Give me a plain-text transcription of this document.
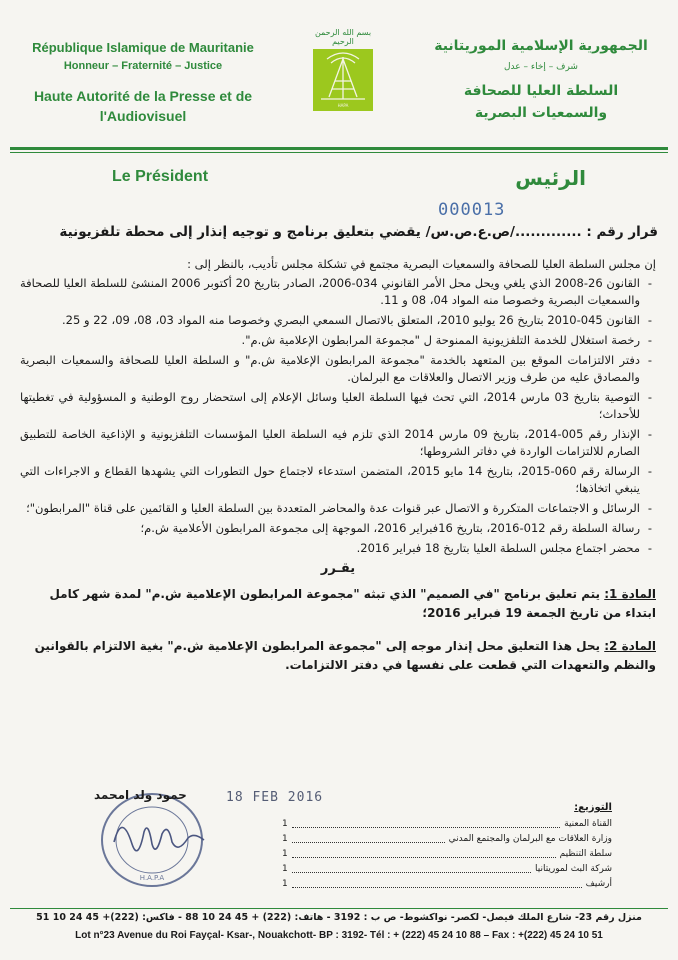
République Islamique de Mauritanie
Honneur – Fraternité – Justice
Haute Autorité de la Presse et de l'Audiovisuel
بسم الله الرحمن الرحيم
HAPA
الجمهورية الإسلامية الموريتانية
شرف – إخاء – عدل
السلطة العليا للصحافة والسمعيات البصرية
Le Président	الرئيس
000013
قرار رقم : ............./ص.ع.ص.س/ يقضي بتعليق برنامج و توجيه إنذار إلى محطة تلفزيونية
إن مجلس السلطة العليا للصحافة والسمعيات البصرية مجتمع في تشكلة مجلس تأديب، بالنظر إلى :
- القانون 26-2008 الذي يلغي ويحل محل الأمر القانوني 034-2006، الصادر بتاريخ 20 أكتوبر 2006 المنشئ للسلطة العليا للصحافة والسمعيات البصرية وخصوصا منه المواد 04، 08 و 11.
- القانون 045-2010 بتاريخ 26 يوليو 2010، المتعلق بالاتصال السمعي البصري وخصوصا منه المواد 03، 08، 09، 22 و 25.
- رخصة استغلال للخدمة التلفزيونية الممنوحة ل "مجموعة المرابطون الإعلامية ش.م".
- دفتر الالتزامات الموقع بين المتعهد بالخدمة "مجموعة المرابطون الإعلامية ش.م" و السلطة العليا للصحافة والسمعيات البصرية والمصادق عليه من طرف وزير الاتصال والعلاقات مع البرلمان.
- التوصية بتاريخ 03 مارس 2014، التي تحث فيها السلطة العليا وسائل الإعلام إلى استحضار روح الوطنية و المسؤولية في تغطيتها للأحداث؛
- الإنذار رقم 005-2014، بتاريخ 09 مارس 2014 الذي تلزم فيه السلطة العليا المؤسسات التلفزيونية و الإذاعية الخاصة للتطبيق الصارم للالتزامات الواردة في دفاتر الشروطها؛
- الرسالة رقم 060-2015، بتاريخ 14 مايو 2015، المتضمن استدعاء لاجتماع حول التطورات التي يشهدها القطاع و الاجراءات التي ينبغي اتخاذها؛
- الرسائل و الاجتماعات المتكررة و الاتصال عبر قنوات عدة والمحاضر المتعددة بين السلطة العليا و القائمين على قناة "المرابطون"؛
- رسالة السلطة رقم 012-2016، بتاريخ 16فبراير 2016، الموجهة إلى مجموعة المرابطون الأعلامية ش.م؛
- محضر اجتماع مجلس السلطة العليا بتاريخ 18 فبراير 2016.
يقـرر
المادة 1: يتم تعليق برنامج "في الصميم" الذي تبثه "مجموعة المرابطون الإعلامية ش.م" لمدة شهر كامل ابتداء من تاريخ الجمعة 19 فبراير 2016؛
المادة 2: يحل هذا التعليق محل إنذار موجه إلى "مجموعة المرابطون الإعلامية ش.م" بغية الالتزام بالقوانين والنظم والتعهدات التي قطعت على نفسها في دفتر الالتزامات.
H.A.P.A
حمود ولد امحمد	18 FEB 2016
التوزيع:
القناة المعنية
1
وزارة العلاقات مع البرلمان والمجتمع المدني
1
سلطة التنظيم
1
شركة البث لموريتانيا
1
أرشيف
1
منزل رقم 23- شارع الملك فيصل- لكصر- نواكشوط- ص ب : 3192 - هاتف: (222) + 45 24 10 88 - فاكس: (222)+ 45 24 10 51
Lot n°23 Avenue du Roi Fayçal- Ksar-, Nouakchott- BP : 3192- Tél : + (222) 45 24 10 88 – Fax : +(222) 45 24 10 51
